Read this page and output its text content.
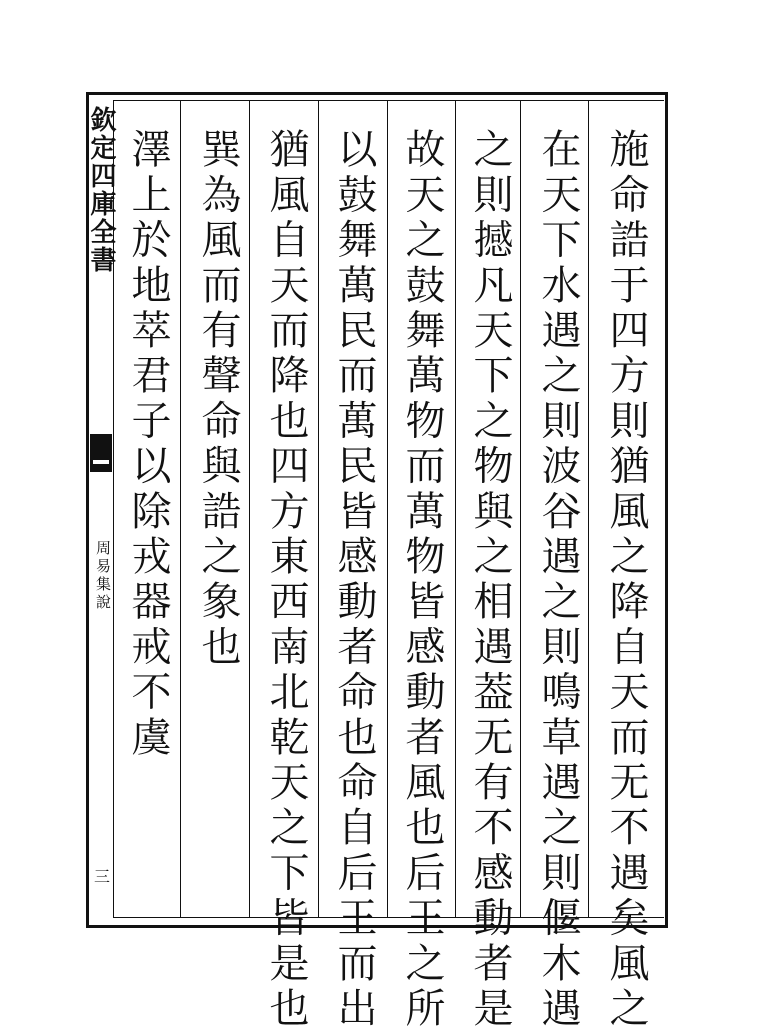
欽定四庫全書
周易集說
三	施命誥于四方則猶風之降自天而无不遇矣風之
在天下水遇之則波谷遇之則鳴草遇之則偃木遇
之則撼凡天下之物與之相遇葢无有不感動者是
故天之鼓舞萬物而萬物皆感動者風也后王之所
以鼓舞萬民而萬民皆感動者命也命自后王而出
猶風自天而降也四方東西南北乾天之下皆是也
巽為風而有聲命與誥之象也
澤上於地萃君子以除戎器戒不虞
